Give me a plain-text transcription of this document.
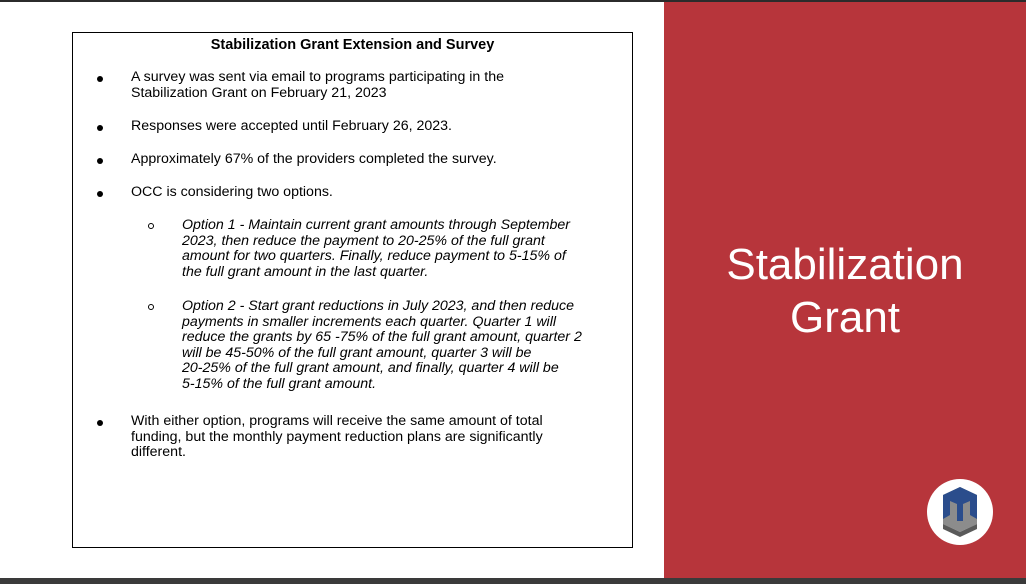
Stabilization Grant Extension and Survey

A survey was sent via email to programs participating in the
Stabilization Grant on February 21, 2023
Responses were accepted until February 26, 2023.
Approximately 67% of the providers completed the survey.
OCC is considering two options.
Option 1 - Maintain current grant amounts through September
2023, then reduce the payment to 20-25% of the full grant
amount for two quarters. Finally, reduce payment to 5-15% of
the full grant amount in the last quarter.
Option 2 - Start grant reductions in July 2023, and then reduce
payments in smaller increments each quarter. Quarter 1 will
reduce the grants by 65 -75% of the full grant amount, quarter 2
will be 45-50% of the full grant amount, quarter 3 will be
20-25% of the full grant amount, and finally, quarter 4 will be
5-15% of the full grant amount.
With either option, programs will receive the same amount of total
funding, but the monthly payment reduction plans are significantly
different.
Stabilization
Grant
